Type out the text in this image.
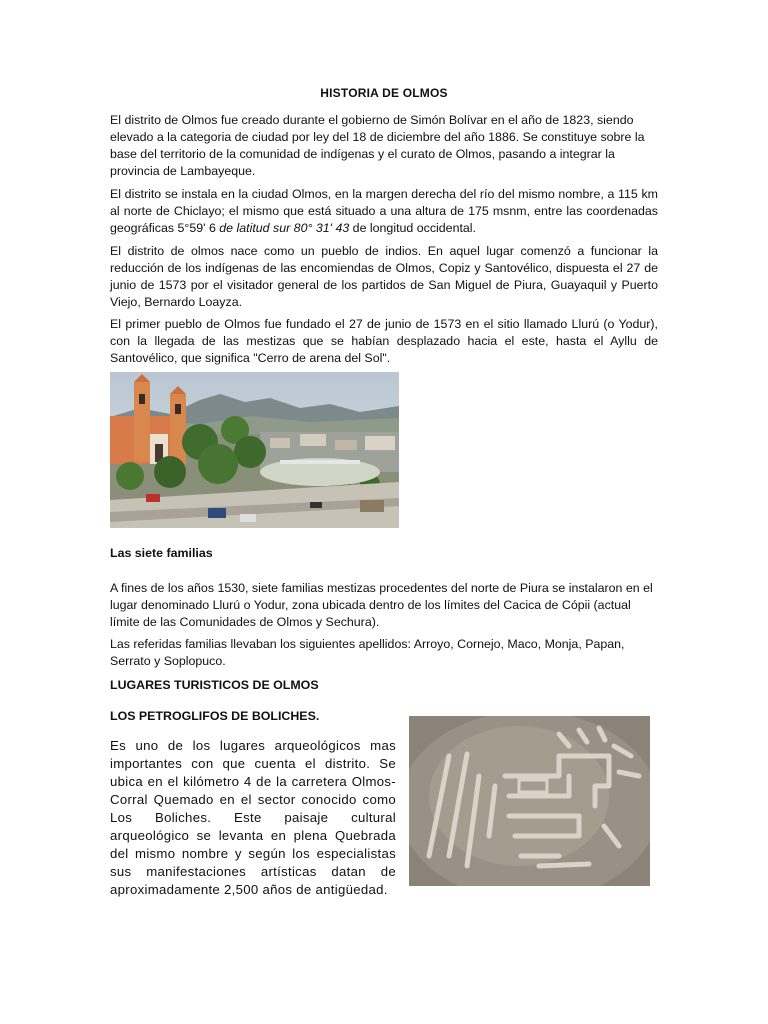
HISTORIA DE OLMOS

El distrito de Olmos fue creado durante el gobierno de Simón Bolívar en el año de 1823, siendo elevado a la categoria de ciudad por ley del 18 de diciembre del año 1886. Se constituye sobre la base del territorio de la comunidad de indígenas y el curato de Olmos, pasando a integrar la provincia de Lambayeque.

El distrito se instala en la ciudad Olmos, en la margen derecha del río del mismo nombre, a 115 km al norte de Chiclayo; el mismo que está situado a una altura de 175 msnm, entre las coordenadas geográficas 5°59' 6 de latitud sur 80° 31' 43 de longitud occidental.

El distrito de olmos nace como un pueblo de indios. En aquel lugar comenzó a funcionar la reducción de los indígenas de las encomiendas de Olmos, Copiz y Santovélico, dispuesta el 27 de junio de 1573 por el visitador general de los partidos de San Miguel de Piura, Guayaquil y Puerto Viejo, Bernardo Loayza.

El primer pueblo de Olmos fue fundado el 27 de junio de 1573 en el sitio llamado Llurú (o Yodur), con la llegada de las mestizas que se habían desplazado hacia el este, hasta el Ayllu de Santovélico, que significa "Cerro de arena del Sol".

Las siete familias

A fines de los años 1530, siete familias mestizas procedentes del norte de Piura se instalaron en el lugar denominado Llurú o Yodur, zona ubicada dentro de los límites del Cacica de Cópii (actual límite de las Comunidades de Olmos y Sechura).

Las referidas familias llevaban los siguientes apellidos: Arroyo, Cornejo, Maco, Monja, Papan, Serrato y Soplopuco.

LUGARES TURISTICOS DE OLMOS

LOS PETROGLIFOS DE BOLICHES.

Es uno de los lugares arqueológicos mas importantes con que cuenta el distrito. Se ubica en el kilómetro 4 de la carretera Olmos-Corral Quemado en el sector conocido como Los Boliches. Este paisaje cultural arqueológico se levanta en plena Quebrada del mismo nombre y según los especialistas sus manifestaciones artísticas datan de aproximadamente 2,500 años de antigüedad.
